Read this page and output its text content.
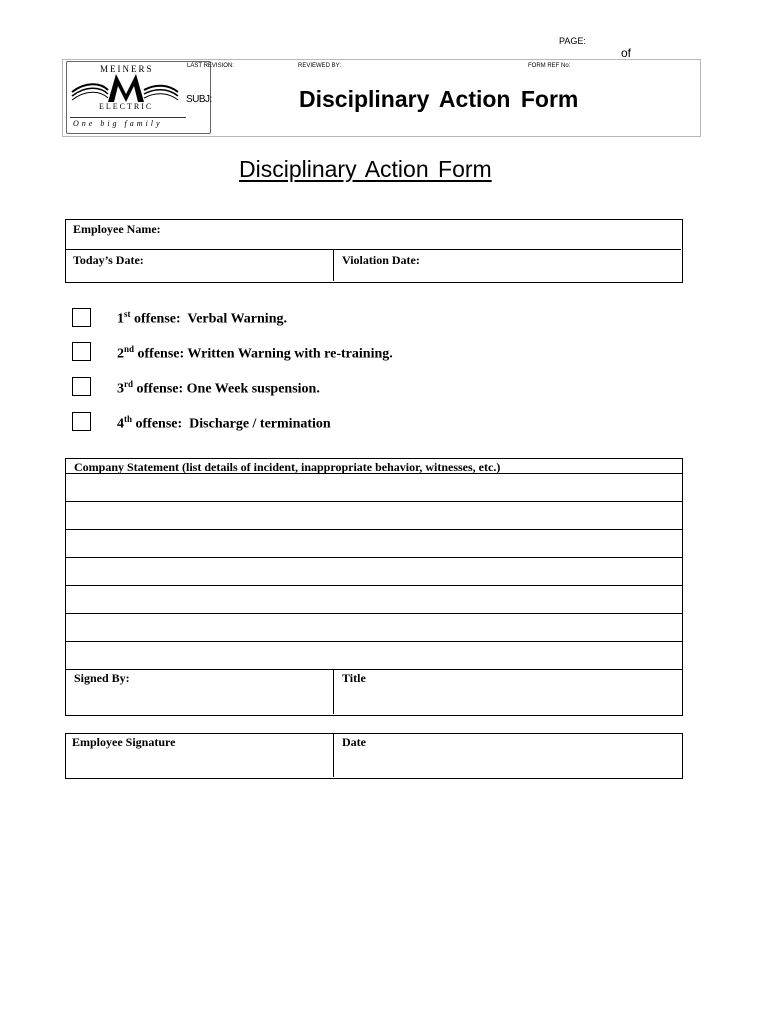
PAGE:
of
MEINERS
ELECTRIC
One big family
LAST REVISION:	REVIEWED BY:	FORM REF No:
SUBJ:	Disciplinary Action Form
Disciplinary Action Form
Employee Name:
Today’s Date:	Violation Date:
1st offense:  Verbal Warning.
2nd offense: Written Warning with re-training.
3rd offense: One Week suspension.
4th offense:  Discharge / termination
Company Statement (list details of incident, inappropriate behavior, witnesses, etc.)
Signed By:	Title
Employee Signature	Date
